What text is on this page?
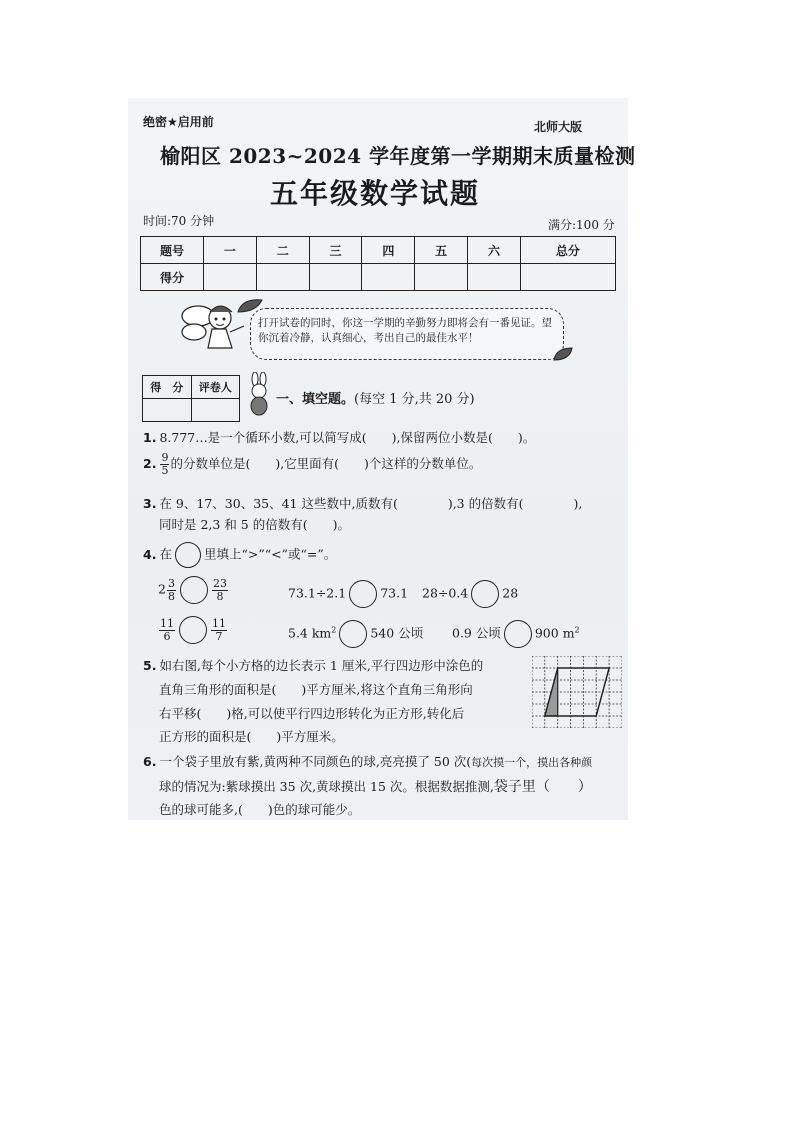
绝密★启用前	北师大版
榆阳区 2023~2024 学年度第一学期期末质量检测
五年级数学试题
时间:70 分钟	满分:100 分
题号	一	二	三	四	五	六	总分
得分							
打开试卷的同时，你这一学期的辛勤努力即将会有一番见证。望你沉着冷静，认真细心，考出自己的最佳水平！
得　分	评卷人

一、填空题。(每空 1 分,共 20 分)
1. 8.777…是一个循环小数,可以简写成(　　),保留两位小数是(　　)。
2. $\frac{9}{5}$ 的分数单位是(　　),它里面有(　　)个这样的分数单位。
3. 在 9、17、30、35、41 这些数中,质数有(　　　　),3 的倍数有(　　　　),
同时是 2,3 和 5 的倍数有(　　)。
4. 在	里填上“>”“<”或“=”。
$2 \frac{3}{8}$	$\frac{23}{8}$	73.1÷2.1	73.1 28÷0.4	28
$\frac{11}{6}$	$\frac{11}{7}$	5.4 $km^2$	540 公顷 0.9 公顷	900 $m^2$
5. 如右图,每个小方格的边长表示 1 厘米,平行四边形中涂色的
直角三角形的面积是(　　)平方厘米,将这个直角三角形向
右平移(　　)格,可以使平行四边形转化为正方形,转化后
正方形的面积是(　　)平方厘米。
6. 一个袋子里放有紫,黄两种不同颜色的球,亮亮摸了 50 次(每次摸一个，摸出各种颜
球的情况为:紫球摸出 35 次,黄球摸出 15 次。根据数据推测,袋子里（　　）
色的球可能多,(　　)色的球可能少。
